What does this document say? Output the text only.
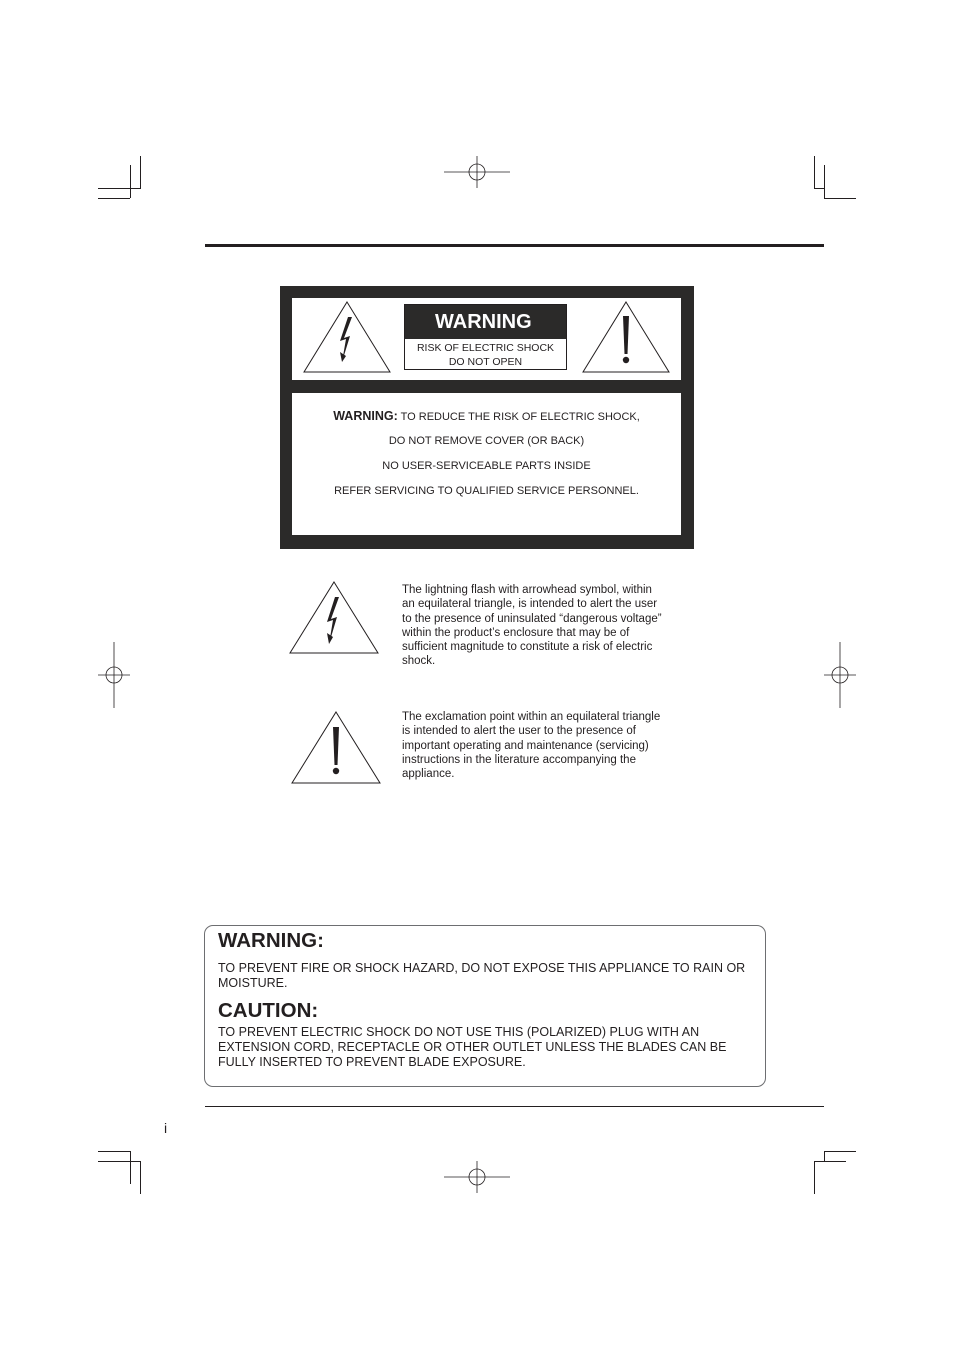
WARNING
RISK OF ELECTRIC SHOCK
DO NOT OPEN
WARNING: TO REDUCE THE RISK OF ELECTRIC SHOCK,
DO NOT REMOVE COVER (OR BACK)
NO USER-SERVICEABLE PARTS INSIDE
REFER SERVICING TO QUALIFIED SERVICE PERSONNEL.
The lightning flash with arrowhead symbol, within
an equilateral triangle, is intended to alert the user
to the presence of uninsulated “dangerous voltage”
within the product’s enclosure that may be of
sufficient magnitude to constitute a risk of electric
shock.
The exclamation point within an equilateral triangle
is intended to alert the user to the presence of
important operating and maintenance (servicing)
instructions in the literature accompanying the
appliance.
WARNING:
TO PREVENT FIRE OR SHOCK HAZARD, DO NOT EXPOSE THIS APPLIANCE TO RAIN OR
MOISTURE.
CAUTION:
TO PREVENT ELECTRIC SHOCK DO NOT USE THIS (POLARIZED) PLUG WITH AN
EXTENSION CORD, RECEPTACLE OR OTHER OUTLET UNLESS THE BLADES CAN BE
FULLY INSERTED TO PREVENT BLADE EXPOSURE.
i
